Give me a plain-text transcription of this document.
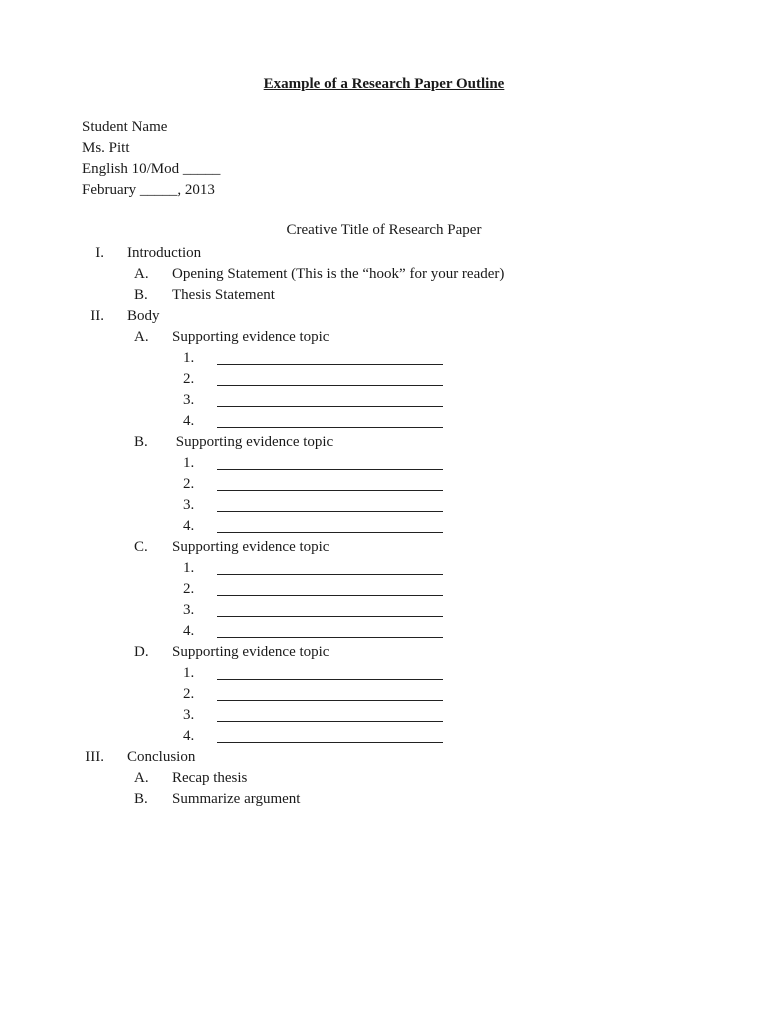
Example of a Research Paper Outline
Student Name
Ms. Pitt
English 10/Mod _____
February _____, 2013
Creative Title of Research Paper
I. Introduction
A. Opening Statement (This is the “hook” for your reader)
B. Thesis Statement
II. Body
A. Supporting evidence topic
1.
2.
3.
4.
B. Supporting evidence topic
1.
2.
3.
4.
C. Supporting evidence topic
1.
2.
3.
4.
D. Supporting evidence topic
1.
2.
3.
4.
III. Conclusion
A. Recap thesis
B. Summarize argument
